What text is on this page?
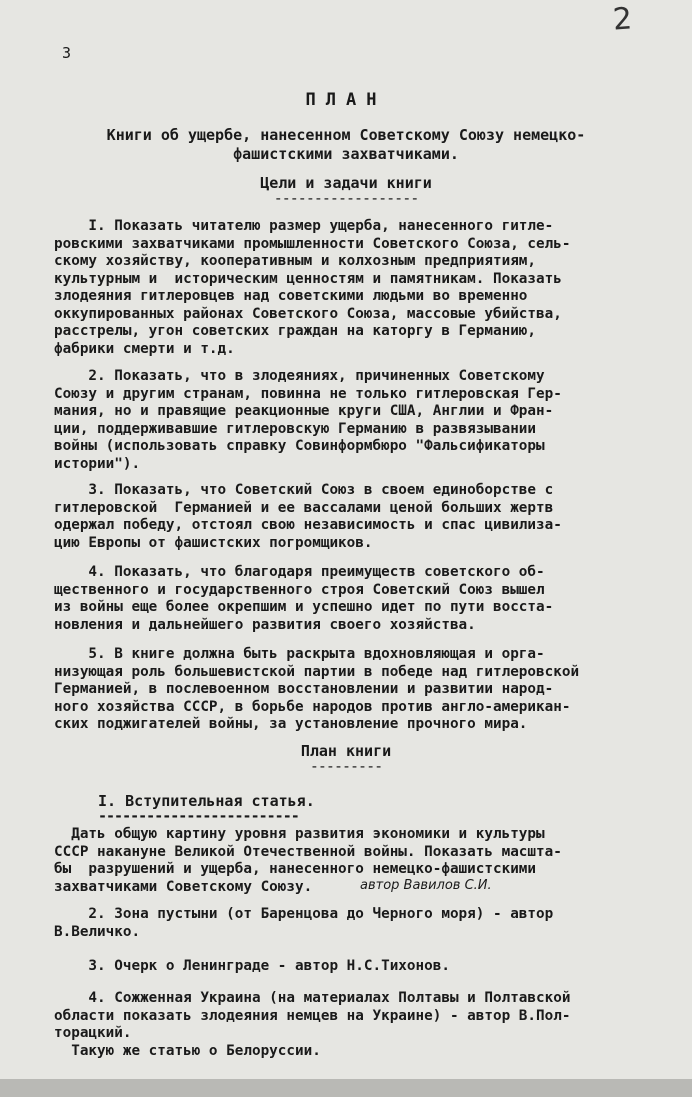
3
2

ПЛАН

Книги об ущербе, нанесенном Советскому Союзу немецко-

фашистскими захватчиками.

Цели и задачи книги

------------------

I. Показать читателю размер ущерба, нанесенного гитле-
ровскими захватчиками промышленности Советского Союза, сель-
скому хозяйству, кооперативным и колхозным предприятиям,
культурным и  историческим ценностям и памятникам. Показать
злодеяния гитлеровцев над советскими людьми во временно
оккупированных районах Советского Союза, массовые убийства,
расстрелы, угон советских граждан на каторгу в Германию,
фабрики смерти и т.д.

2. Показать, что в злодеяниях, причиненных Советскому
Союзу и другим странам, повинна не только гитлеровская Гер-
мания, но и правящие реакционные круги США, Англии и Фран-
ции, поддерживавшие гитлеровскую Германию в развязывании
войны (использовать справку Совинформбюро "Фальсификаторы
истории").

3. Показать, что Советский Союз в своем единоборстве с
гитлеровской  Германией и ее вассалами ценой больших жертв
одержал победу, отстоял свою независимость и спас цивилиза-
цию Европы от фашистских погромщиков.

4. Показать, что благодаря преимуществ советского об-
щественного и государственного строя Советский Союз вышел
из войны еще более окрепшим и успешно идет по пути восста-
новления и дальнейшего развития своего хозяйства.

5. В книге должна быть раскрыта вдохновляющая и орга-
низующая роль большевистской партии в победе над гитлеровской
Германией, в послевоенном восстановлении и развитии народ-
ного хозяйства СССР, в борьбе народов против англо-американ-
ских поджигателей войны, за установление прочного мира.

План книги

---------
I. Вступительная статья.
-------------------------

Дать общую картину уровня развития экономики и культуры
СССР накануне Великой Отечественной войны. Показать масшта-
бы  разрушений и ущерба, нанесенного немецко-фашистскими
захватчиками Советскому Союзу.	автор Вавилов С.И.

2. Зона пустыни (от Баренцова до Черного моря) - автор
В.Величко.

3. Очерк о Ленинграде - автор Н.С.Тихонов.

4. Сожженная Украина (на материалах Полтавы и Полтавской
области показать злодеяния немцев на Украине) - автор В.Пол-
торацкий.
Такую же статью о Белоруссии.
